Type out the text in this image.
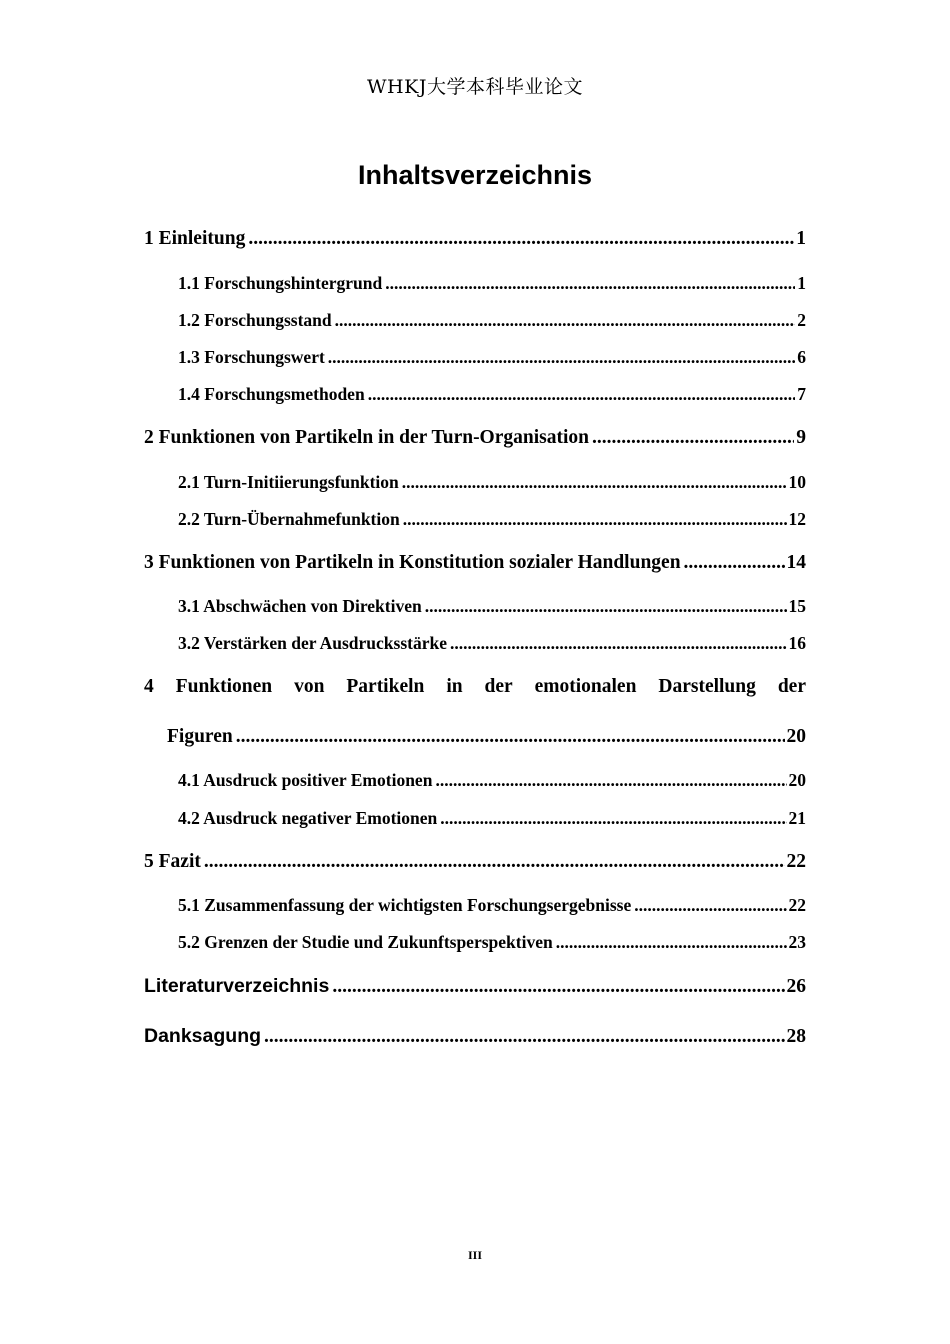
WHKJ大学本科毕业论文
Inhaltsverzeichnis
1 Einleitung .....	1
1.1 Forschungshintergrund .....	1
1.2 Forschungsstand .....	2
1.3 Forschungswert .....	6
1.4 Forschungsmethoden .....	7
2 Funktionen von Partikeln in der Turn-Organisation .....	9
2.1 Turn-Initiierungsfunktion .....	10
2.2 Turn-Übernahmefunktion .....	12
3 Funktionen von Partikeln in Konstitution sozialer Handlungen .....	14
3.1 Abschwächen von Direktiven .....	15
3.2 Verstärken der Ausdrucksstärke .....	16
4 Funktionen von Partikeln in der emotionalen Darstellung der
Figuren .....	20
4.1 Ausdruck positiver Emotionen .....	20
4.2 Ausdruck negativer Emotionen .....	21
5 Fazit .....	22
5.1 Zusammenfassung der wichtigsten Forschungsergebnisse .....	22
5.2 Grenzen der Studie und Zukunftsperspektiven .....	23
Literaturverzeichnis .....	26
Danksagung .....	28
III
